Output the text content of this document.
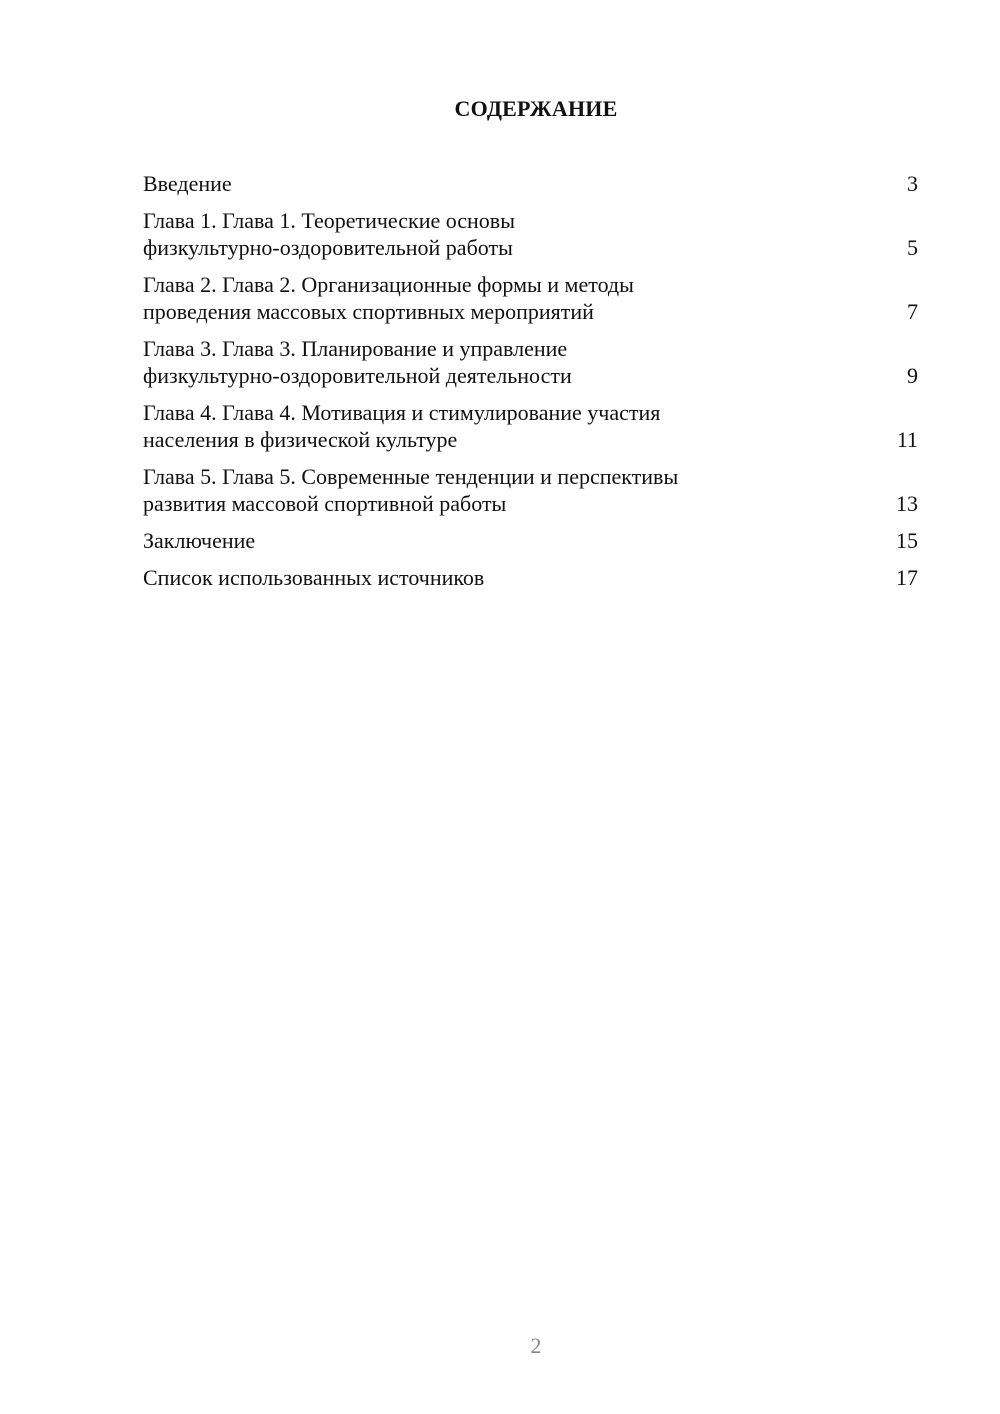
СОДЕРЖАНИЕ
Введение	3
Глава 1. Глава 1. Теоретические основы
физкультурно-оздоровительной работы	5
Глава 2. Глава 2. Организационные формы и методы
проведения массовых спортивных мероприятий	7
Глава 3. Глава 3. Планирование и управление
физкультурно-оздоровительной деятельности	9
Глава 4. Глава 4. Мотивация и стимулирование участия
населения в физической культуре	11
Глава 5. Глава 5. Современные тенденции и перспективы
развития массовой спортивной работы	13
Заключение	15
Список использованных источников	17
2
